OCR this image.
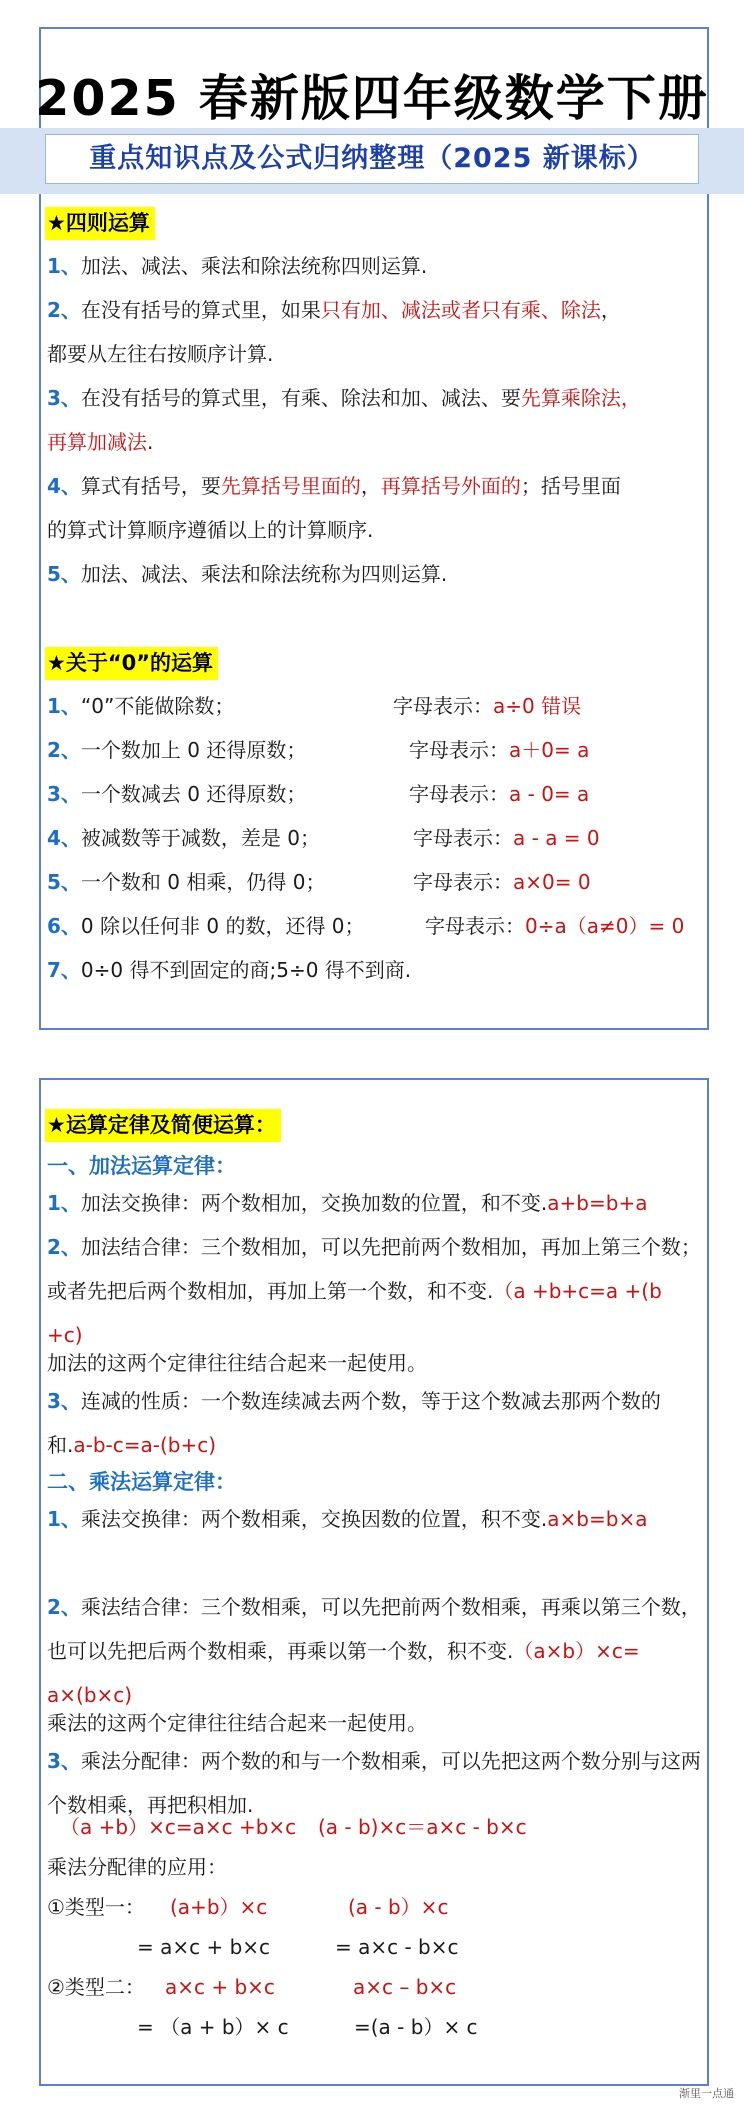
2025 春新版四年级数学下册
重点知识点及公式归纳整理（2025 新课标）
★四则运算
1、加法、减法、乘法和除法统称四则运算.
2、在没有括号的算式里，如果只有加、减法或者只有乘、除法，
都要从左往右按顺序计算.
3、在没有括号的算式里，有乘、除法和加、减法、要先算乘除法，
再算加减法.
4、算式有括号，要先算括号里面的，再算括号外面的；括号里面
的算式计算顺序遵循以上的计算顺序.
5、加法、减法、乘法和除法统称为四则运算.
★关于“0”的运算
1、“0”不能做除数；	字母表示：a÷0 错误
2、一个数加上 0 还得原数；	字母表示：a＋0= a
3、一个数减去 0 还得原数；	字母表示：a - 0= a
4、被减数等于减数，差是 0；	字母表示：a - a = 0
5、一个数和 0 相乘，仍得 0；	字母表示：a×0= 0
6、0 除以任何非 0 的数，还得 0；	字母表示：0÷a（a≠0）= 0
7、0÷0 得不到固定的商;5÷0 得不到商.
★运算定律及简便运算：
一、加法运算定律：
1、加法交换律：两个数相加，交换加数的位置，和不变.a+b=b+a
2、加法结合律：三个数相加，可以先把前两个数相加，再加上第三个数；或者先把后两个数相加，再加上第一个数，和不变.（a +b+c=a +(b +c)
加法的这两个定律往往结合起来一起使用。
3、连减的性质：一个数连续减去两个数，等于这个数减去那两个数的和.a-b-c=a-(b+c)
二、乘法运算定律：
1、乘法交换律：两个数相乘，交换因数的位置，积不变.a×b=b×a
2、乘法结合律：三个数相乘，可以先把前两个数相乘，再乘以第三个数，也可以先把后两个数相乘，再乘以第一个数，积不变.（a×b）×c= a×(b×c)
乘法的这两个定律往往结合起来一起使用。
3、乘法分配律：两个数的和与一个数相乘，可以先把这两个数分别与这两个数相乘，再把积相加.
（a +b）×c=a×c +b×c (a - b)×c＝a×c - b×c
乘法分配律的应用：
①类型一： (a+b）×c	(a - b）×c
= a×c + b×c	= a×c - b×c
②类型二： a×c + b×c	a×c – b×c
= （a + b）× c	=(a - b）× c
渐里一点通
